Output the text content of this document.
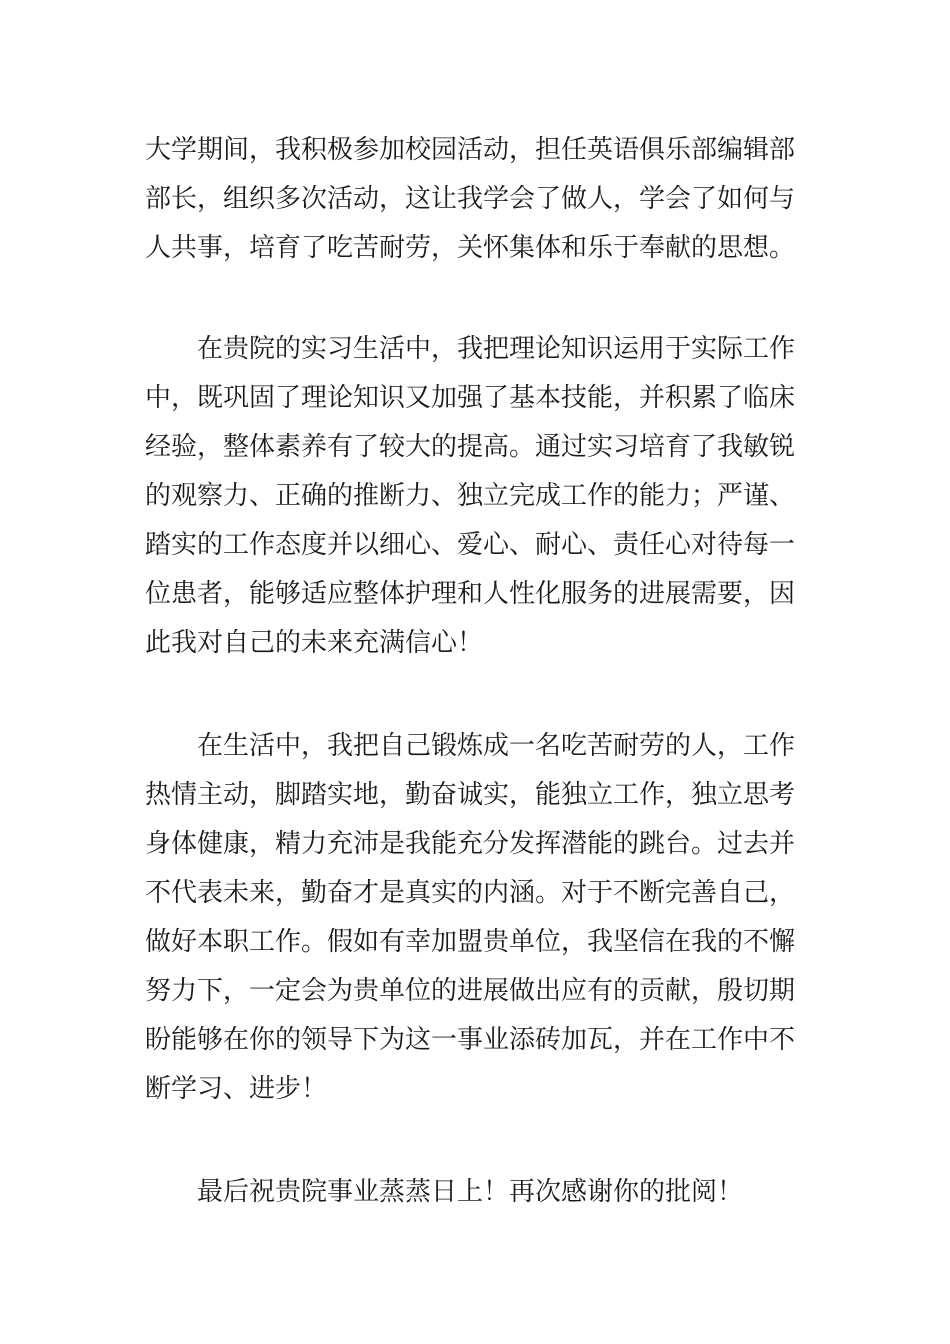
大学期间，我积极参加校园活动，担任英语俱乐部编辑部
部长，组织多次活动，这让我学会了做人，学会了如何与
人共事，培育了吃苦耐劳，关怀集体和乐于奉献的思想。
在贵院的实习生活中，我把理论知识运用于实际工作
中，既巩固了理论知识又加强了基本技能，并积累了临床
经验，整体素养有了较大的提高。通过实习培育了我敏锐
的观察力、正确的推断力、独立完成工作的能力；严谨、
踏实的工作态度并以细心、爱心、耐心、责任心对待每一
位患者，能够适应整体护理和人性化服务的进展需要，因
此我对自己的未来充满信心！
在生活中，我把自己锻炼成一名吃苦耐劳的人，工作
热情主动，脚踏实地，勤奋诚实，能独立工作，独立思考
身体健康，精力充沛是我能充分发挥潜能的跳台。过去并
不代表未来，勤奋才是真实的内涵。对于不断完善自己，
做好本职工作。假如有幸加盟贵单位，我坚信在我的不懈
努力下，一定会为贵单位的进展做出应有的贡献，殷切期
盼能够在你的领导下为这一事业添砖加瓦，并在工作中不
断学习、进步！
最后祝贵院事业蒸蒸日上！再次感谢你的批阅！
